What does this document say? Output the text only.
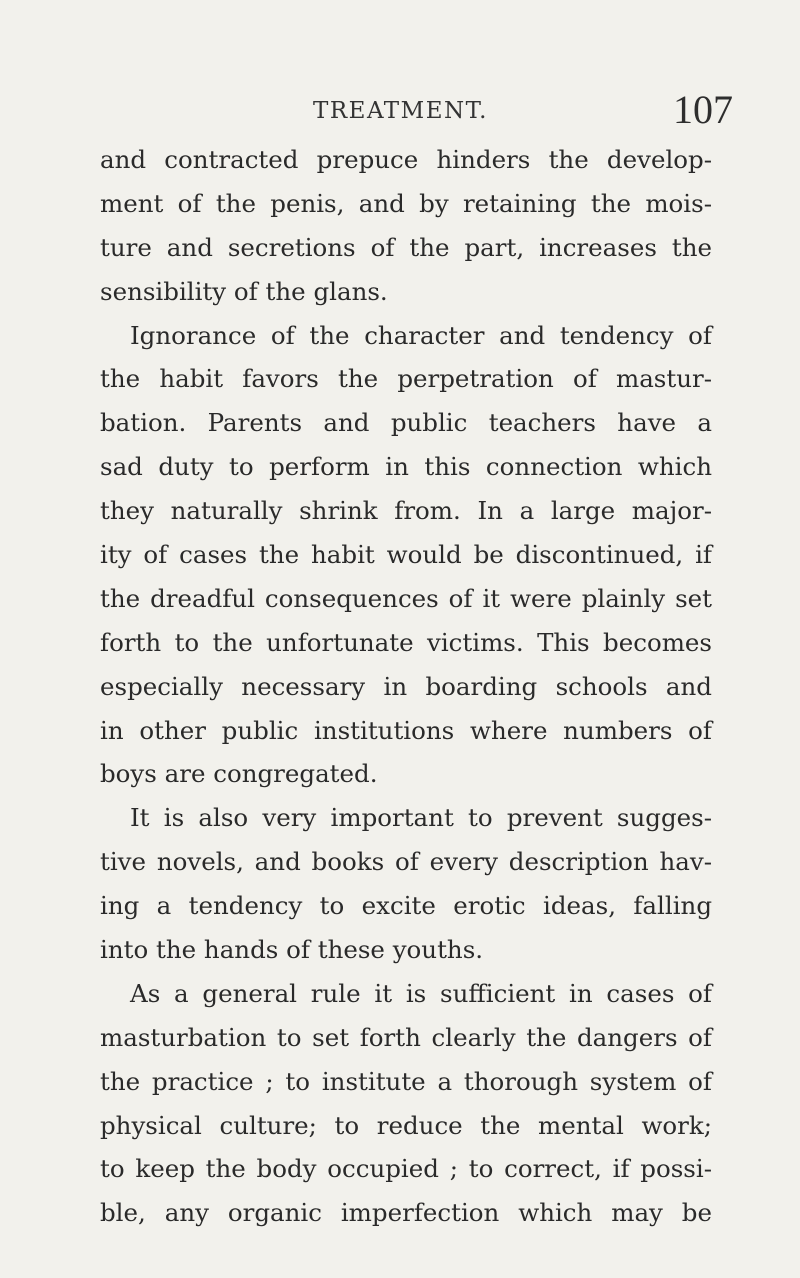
TREATMENT.	107
and contracted prepuce hinders the develop-
ment of the penis, and by retaining the mois-
ture and secretions of the part, increases the
sensibility of the glans.
Ignorance of the character and tendency of
the habit favors the perpetration of mastur-
bation. Parents and public teachers have a
sad duty to perform in this connection which
they naturally shrink from. In a large major-
ity of cases the habit would be discontinued, if
the dreadful consequences of it were plainly set
forth to the unfortunate victims. This becomes
especially necessary in boarding schools and
in other public institutions where numbers of
boys are congregated.
It is also very important to prevent sugges-
tive novels, and books of every description hav-
ing a tendency to excite erotic ideas, falling
into the hands of these youths.
As a general rule it is sufficient in cases of
masturbation to set forth clearly the dangers of
the practice ; to institute a thorough system of
physical culture; to reduce the mental work;
to keep the body occupied ; to correct, if possi-
ble, any organic imperfection which may be
